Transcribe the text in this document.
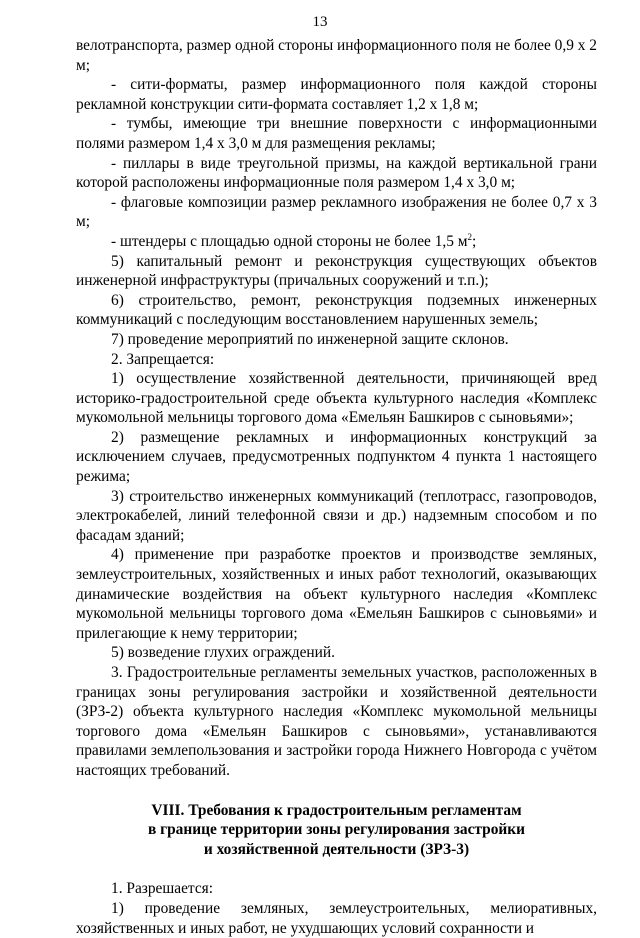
13

велотранспорта, размер одной стороны информационного поля не более 0,9 х 2 м;

- сити-форматы, размер информационного поля каждой стороны рекламной конструкции сити-формата составляет 1,2 х 1,8 м;

- тумбы, имеющие три внешние поверхности с информационными полями размером 1,4 х 3,0 м для размещения рекламы;

- пиллары в виде треугольной призмы, на каждой вертикальной грани которой расположены информационные поля размером 1,4 х 3,0 м;

- флаговые композиции размер рекламного изображения не более 0,7 х 3 м;

- штендеры с площадью одной стороны не более 1,5 $м^2$;

5) капитальный ремонт и реконструкция существующих объектов инженерной инфраструктуры (причальных сооружений и т.п.);

6) строительство, ремонт, реконструкция подземных инженерных коммуникаций с последующим восстановлением нарушенных земель;

7) проведение мероприятий по инженерной защите склонов.

2. Запрещается:

1) осуществление хозяйственной деятельности, причиняющей вред историко-градостроительной среде объекта культурного наследия «Комплекс мукомольной мельницы торгового дома «Емельян Башкиров с сыновьями»;

2) размещение рекламных и информационных конструкций за исключением случаев, предусмотренных подпунктом 4 пункта 1 настоящего режима;

3) строительство инженерных коммуникаций (теплотрасс, газопроводов, электрокабелей, линий телефонной связи и др.) надземным способом и по фасадам зданий;

4) применение при разработке проектов и производстве земляных, землеустроительных, хозяйственных и иных работ технологий, оказывающих динамические воздействия на объект культурного наследия «Комплекс мукомольной мельницы торгового дома «Емельян Башкиров с сыновьями» и прилегающие к нему территории;

5) возведение глухих ограждений.

3. Градостроительные регламенты земельных участков, расположенных в границах зоны регулирования застройки и хозяйственной деятельности (ЗРЗ-2) объекта культурного наследия «Комплекс мукомольной мельницы торгового дома «Емельян Башкиров с сыновьями», устанавливаются правилами землепользования и застройки города Нижнего Новгорода с учётом настоящих требований.

VIII. Требования к градостроительным регламентам
в границе территории зоны регулирования застройки
и хозяйственной деятельности (ЗРЗ-3)

1. Разрешается:

1) проведение земляных, землеустроительных, мелиоративных, хозяйственных и иных работ, не ухудшающих условий сохранности и
